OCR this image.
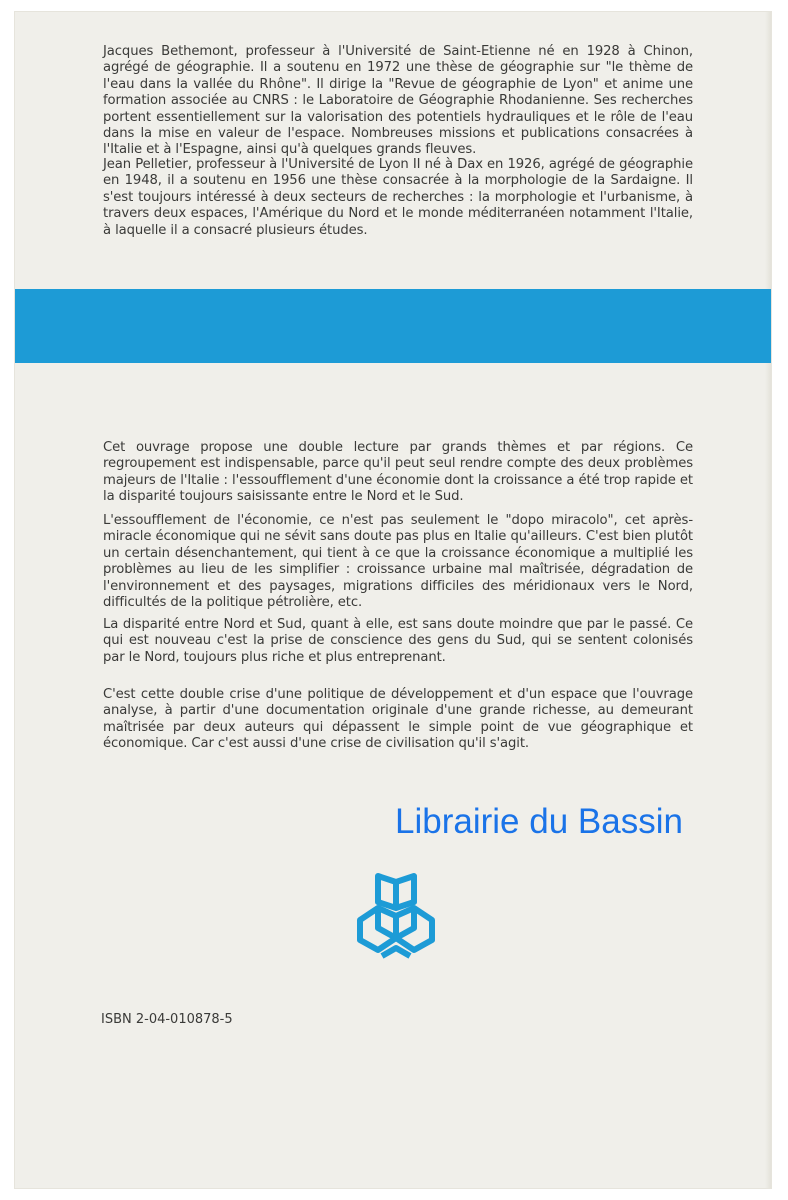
Jacques Bethemont, professeur à l'Université de Saint-Etienne né en 1928 à Chinon, agrégé de géographie. Il a soutenu en 1972 une thèse de géographie sur "le thème de l'eau dans la vallée du Rhône". Il dirige la "Revue de géographie de Lyon" et anime une formation associée au CNRS : le Laboratoire de Géographie Rhodanienne. Ses recherches portent essentiellement sur la valorisation des potentiels hydrauliques et le rôle de l'eau dans la mise en valeur de l'espace. Nombreuses missions et publications consacrées à l'Italie et à l'Espagne, ainsi qu'à quelques grands fleuves.

Jean Pelletier, professeur à l'Université de Lyon II né à Dax en 1926, agrégé de géographie en 1948, il a soutenu en 1956 une thèse consacrée à la morphologie de la Sardaigne. Il s'est toujours intéressé à deux secteurs de recherches : la morphologie et l'urbanisme, à travers deux espaces, l'Amérique du Nord et le monde méditerranéen notamment l'Italie, à laquelle il a consacré plusieurs études.

Cet ouvrage propose une double lecture par grands thèmes et par régions. Ce regroupement est indispensable, parce qu'il peut seul rendre compte des deux problèmes majeurs de l'Italie : l'essoufflement d'une économie dont la croissance a été trop rapide et la disparité toujours saisissante entre le Nord et le Sud.

L'essoufflement de l'économie, ce n'est pas seulement le "dopo miracolo", cet après-miracle économique qui ne sévit sans doute pas plus en Italie qu'ailleurs. C'est bien plutôt un certain désenchantement, qui tient à ce que la croissance économique a multiplié les problèmes au lieu de les simplifier : croissance urbaine mal maîtrisée, dégradation de l'environnement et des paysages, migrations difficiles des méridionaux vers le Nord, difficultés de la politique pétrolière, etc.

La disparité entre Nord et Sud, quant à elle, est sans doute moindre que par le passé. Ce qui est nouveau c'est la prise de conscience des gens du Sud, qui se sentent colonisés par le Nord, toujours plus riche et plus entreprenant.

C'est cette double crise d'une politique de développement et d'un espace que l'ouvrage analyse, à partir d'une documentation originale d'une grande richesse, au demeurant maîtrisée par deux auteurs qui dépassent le simple point de vue géographique et économique. Car c'est aussi d'une crise de civilisation qu'il s'agit.

Librairie du Bassin
ISBN 2-04-010878-5
